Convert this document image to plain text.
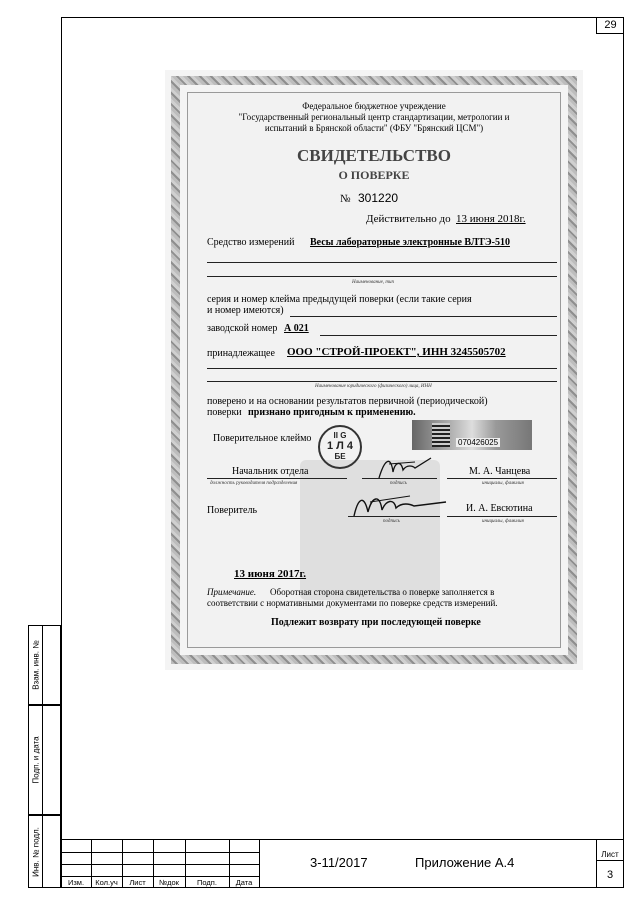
29
Взам. инв. №
Подп. и дата
Инв. № подл.
Федеральное бюджетное учреждение
"Государственный региональный центр стандартизации, метрологии и
испытаний в Брянской области" (ФБУ "Брянский ЦСМ")
СВИДЕТЕЛЬСТВО
О ПОВЕРКЕ
№ 301220
Действительно до 13 июня 2018г.
Средство измерений Весы лабораторные электронные ВЛТЭ-510
Наименование, тип
серия и номер клейма предыдущей поверки (если такие серия
и номер имеются)
заводской номер А 021
принадлежащее ООО "СТРОЙ-ПРОЕКТ", ИНН 3245505702
Наименование юридического (физического) лица, ИНН
поверено и на основании результатов первичной (периодической)
поверки признано пригодным к применению.
Поверительное клеймо	II G
1 Л 4
БЕ
070426025
Начальник отдела
должность руководителя подразделения	подпись
М. А. Чанцева
инициалы, фамилия
Поверитель
подпись
И. А. Евсютина
инициалы, фамилия
13 июня 2017г.
Примечание. Оборотная сторона свидетельства о поверке заполняется в
соответствии с нормативными документами по поверке средств измерений.
Подлежит возврату при последующей поверке
Изм.	Кол.уч	Лист	№док	Подп.	Дата
3-11/2017	Приложение А.4
Лист
3
